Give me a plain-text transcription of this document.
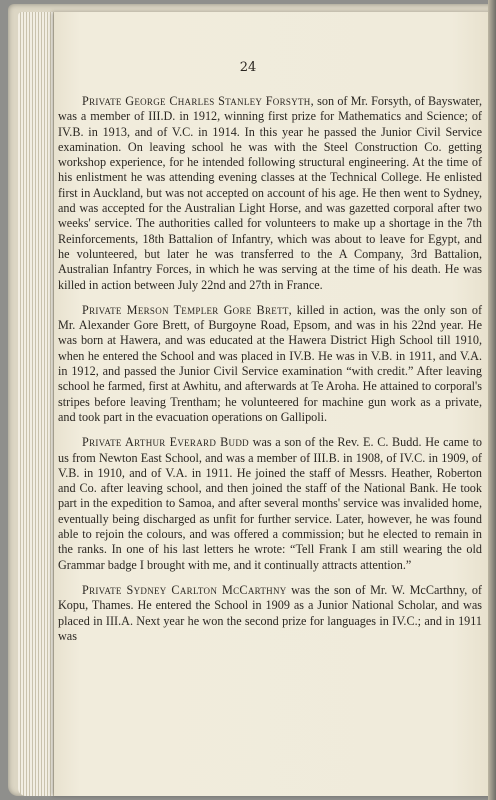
24

Private George Charles Stanley Forsyth, son of Mr. Forsyth, of Bayswater, was a member of III.D. in 1912, winning first prize for Mathematics and Science; of IV.B. in 1913, and of V.C. in 1914. In this year he passed the Junior Civil Service examination. On leaving school he was with the Steel Construction Co. getting workshop experience, for he intended following structural engineering. At the time of his enlistment he was attending evening classes at the Technical College. He enlisted first in Auckland, but was not accepted on account of his age. He then went to Sydney, and was accepted for the Australian Light Horse, and was gazetted corporal after two weeks' service. The authorities called for volunteers to make up a shortage in the 7th Reinforcements, 18th Battalion of Infantry, which was about to leave for Egypt, and he volunteered, but later he was transferred to the A Company, 3rd Battalion, Australian Infantry Forces, in which he was serving at the time of his death. He was killed in action between July 22nd and 27th in France.

Private Merson Templer Gore Brett, killed in action, was the only son of Mr. Alexander Gore Brett, of Burgoyne Road, Epsom, and was in his 22nd year. He was born at Hawera, and was educated at the Hawera District High School till 1910, when he entered the School and was placed in IV.B. He was in V.B. in 1911, and V.A. in 1912, and passed the Junior Civil Service examination “with credit.” After leaving school he farmed, first at Awhitu, and afterwards at Te Aroha. He attained to corporal's stripes before leaving Trentham; he volunteered for machine gun work as a private, and took part in the evacuation operations on Gallipoli.

Private Arthur Everard Budd was a son of the Rev. E. C. Budd. He came to us from Newton East School, and was a member of III.B. in 1908, of IV.C. in 1909, of V.B. in 1910, and of V.A. in 1911. He joined the staff of Messrs. Heather, Roberton and Co. after leaving school, and then joined the staff of the National Bank. He took part in the expedition to Samoa, and after several months' service was invalided home, eventually being discharged as unfit for further service. Later, however, he was found able to rejoin the colours, and was offered a commission; but he elected to remain in the ranks. In one of his last letters he wrote: “Tell Frank I am still wearing the old Grammar badge I brought with me, and it continually attracts attention.”

Private Sydney Carlton McCarthny was the son of Mr. W. McCarthny, of Kopu, Thames. He entered the School in 1909 as a Junior National Scholar, and was placed in III.A. Next year he won the second prize for languages in IV.C.; and in 1911 was
